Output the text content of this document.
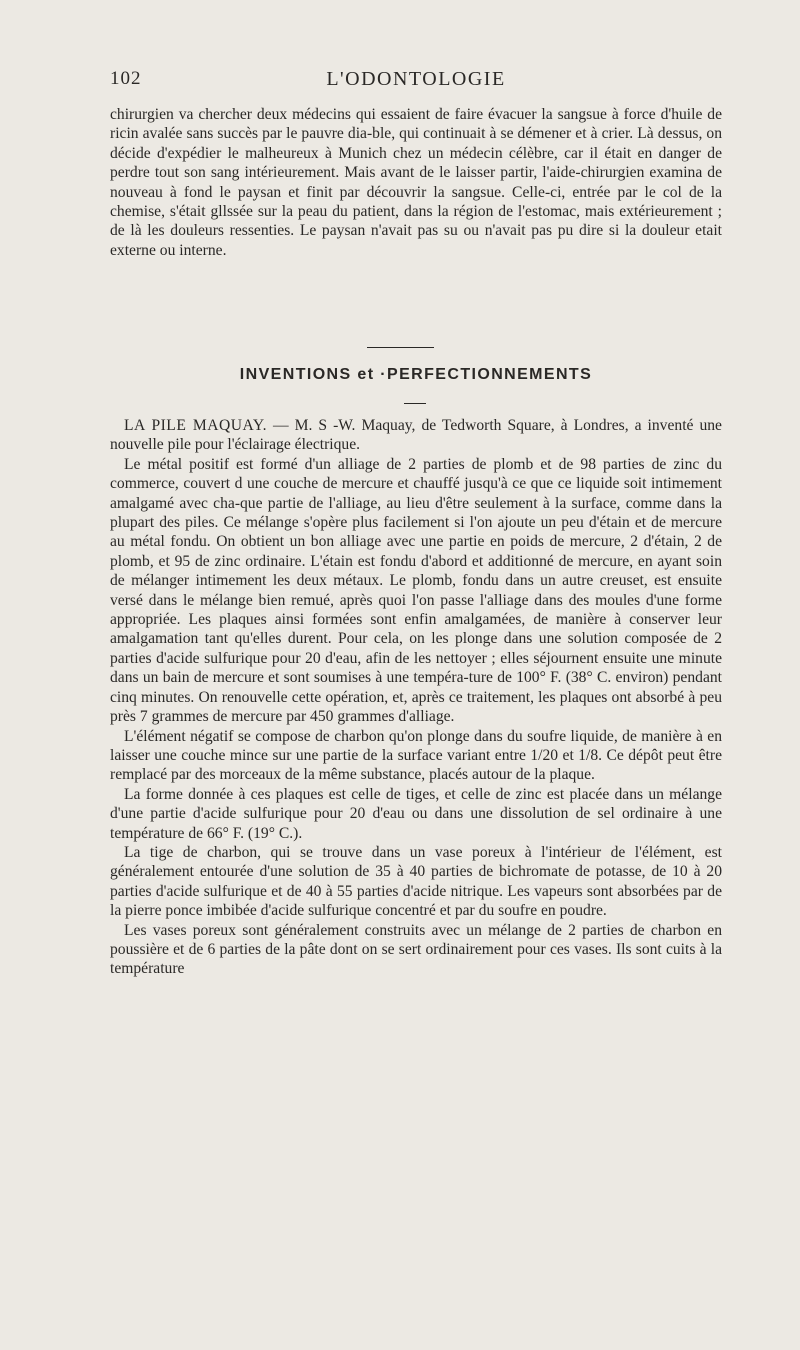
102	L'ODONTOLOGIE

chirurgien va chercher deux médecins qui essaient de faire évacuer la sangsue à force d'huile de ricin avalée sans succès par le pauvre dia-ble, qui continuait à se démener et à crier. Là dessus, on décide d'expédier le malheureux à Munich chez un médecin célèbre, car il était en danger de perdre tout son sang intérieurement. Mais avant de le laisser partir, l'aide-chirurgien examina de nouveau à fond le paysan et finit par découvrir la sangsue. Celle-ci, entrée par le col de la chemise, s'était gllssée sur la peau du patient, dans la région de l'estomac, mais extérieurement ; de là les douleurs ressenties. Le paysan n'avait pas su ou n'avait pas pu dire si la douleur etait externe ou interne.

INVENTIONS et ·PERFECTIONNEMENTS

LA PILE MAQUAY. — M. S -W. Maquay, de Tedworth Square, à Londres, a inventé une nouvelle pile pour l'éclairage électrique.

Le métal positif est formé d'un alliage de 2 parties de plomb et de 98 parties de zinc du commerce, couvert d une couche de mercure et chauffé jusqu'à ce que ce liquide soit intimement amalgamé avec cha-que partie de l'alliage, au lieu d'être seulement à la surface, comme dans la plupart des piles. Ce mélange s'opère plus facilement si l'on ajoute un peu d'étain et de mercure au métal fondu. On obtient un bon alliage avec une partie en poids de mercure, 2 d'étain, 2 de plomb, et 95 de zinc ordinaire. L'étain est fondu d'abord et additionné de mercure, en ayant soin de mélanger intimement les deux métaux. Le plomb, fondu dans un autre creuset, est ensuite versé dans le mélange bien remué, après quoi l'on passe l'alliage dans des moules d'une forme appropriée. Les plaques ainsi formées sont enfin amalgamées, de manière à conserver leur amalgamation tant qu'elles durent. Pour cela, on les plonge dans une solution composée de 2 parties d'acide sulfurique pour 20 d'eau, afin de les nettoyer ; elles séjournent ensuite une minute dans un bain de mercure et sont soumises à une tempéra-ture de 100° F. (38° C. environ) pendant cinq minutes. On renouvelle cette opération, et, après ce traitement, les plaques ont absorbé à peu près 7 grammes de mercure par 450 grammes d'alliage.

L'élément négatif se compose de charbon qu'on plonge dans du soufre liquide, de manière à en laisser une couche mince sur une partie de la surface variant entre 1/20 et 1/8. Ce dépôt peut être remplacé par des morceaux de la même substance, placés autour de la plaque.

La forme donnée à ces plaques est celle de tiges, et celle de zinc est placée dans un mélange d'une partie d'acide sulfurique pour 20 d'eau ou dans une dissolution de sel ordinaire à une température de 66° F. (19° C.).

La tige de charbon, qui se trouve dans un vase poreux à l'intérieur de l'élément, est généralement entourée d'une solution de 35 à 40 parties de bichromate de potasse, de 10 à 20 parties d'acide sulfurique et de 40 à 55 parties d'acide nitrique. Les vapeurs sont absorbées par de la pierre ponce imbibée d'acide sulfurique concentré et par du soufre en poudre.

Les vases poreux sont généralement construits avec un mélange de 2 parties de charbon en poussière et de 6 parties de la pâte dont on se sert ordinairement pour ces vases. Ils sont cuits à la température
